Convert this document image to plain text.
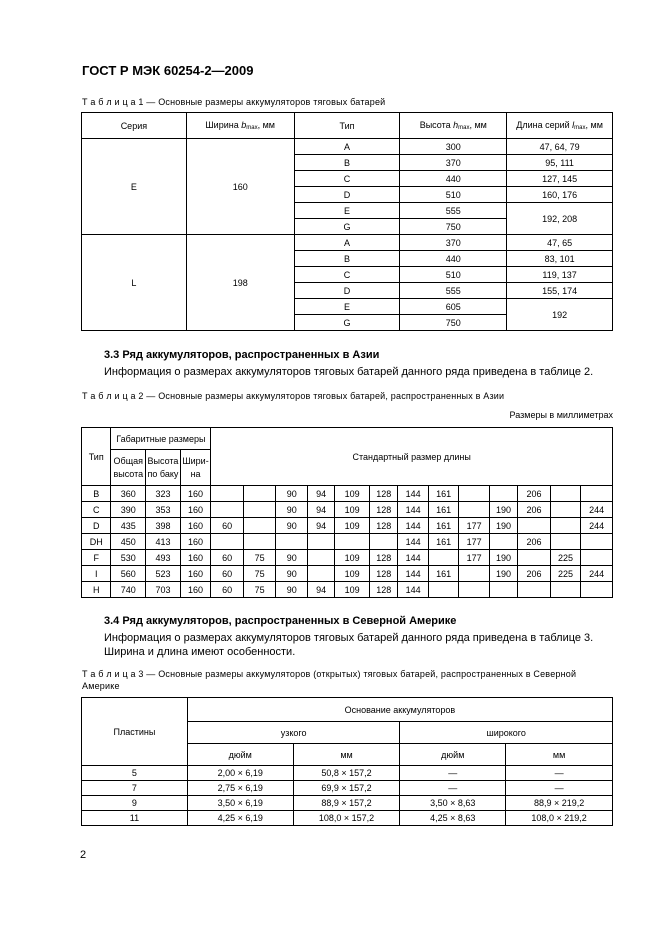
ГОСТ Р МЭК 60254-2—2009
Т а б л и ц а 1 — Основные размеры аккумуляторов тяговых батарей
Серия	Ширина $b_{max}$, мм	Тип	Высота $h_{max}$, мм	Длина серий $l_{max}$, мм
E	160	A	300	47, 64, 79
		B	370	95, 111
		C	440	127, 145
		D	510	160, 176
		E	555	192, 208
		G	750	
L	198	A	370	47, 65
		B	440	83, 101
		C	510	119, 137
		D	555	155, 174
		E	605	192
		G	750	
3.3 Ряд аккумуляторов, распространенных в Азии
Информация о размерах аккумуляторов тяговых батарей данного ряда приведена в таблице 2.
Т а б л и ц а 2 — Основные размеры аккумуляторов тяговых батарей, распространенных в Азии
Размеры в миллиметрах
Тип	Габаритные размеры			Стандартный размер длины												
	Общая высота	Высота по баку	Шири-на													
B	360	323	160			90	94	109	128	144	161			206		
C	390	353	160			90	94	109	128	144	161		190	206		244
D	435	398	160	60		90	94	109	128	144	161	177	190			244
DH	450	413	160							144	161	177		206		
F	530	493	160	60	75	90		109	128	144		177	190		225	
I	560	523	160	60	75	90		109	128	144	161		190	206	225	244
H	740	703	160	60	75	90	94	109	128	144						
3.4 Ряд аккумуляторов, распространенных в Северной Америке
Информация о размерах аккумуляторов тяговых батарей данного ряда приведена в таблице 3.
Ширина и длина имеют особенности.
Т а б л и ц а 3 — Основные размеры аккумуляторов (открытых) тяговых батарей, распространенных в Северной
Америке
Пластины	Основание аккумуляторов			
	узкого		широкого	
	дюйм	мм	дюйм	мм
5	2,00 × 6,19	50,8 × 157,2	—	—
7	2,75 × 6,19	69,9 × 157,2	—	—
9	3,50 × 6,19	88,9 × 157,2	3,50 × 8,63	88,9 × 219,2
11	4,25 × 6,19	108,0 × 157,2	4,25 × 8,63	108,0 × 219,2
2
